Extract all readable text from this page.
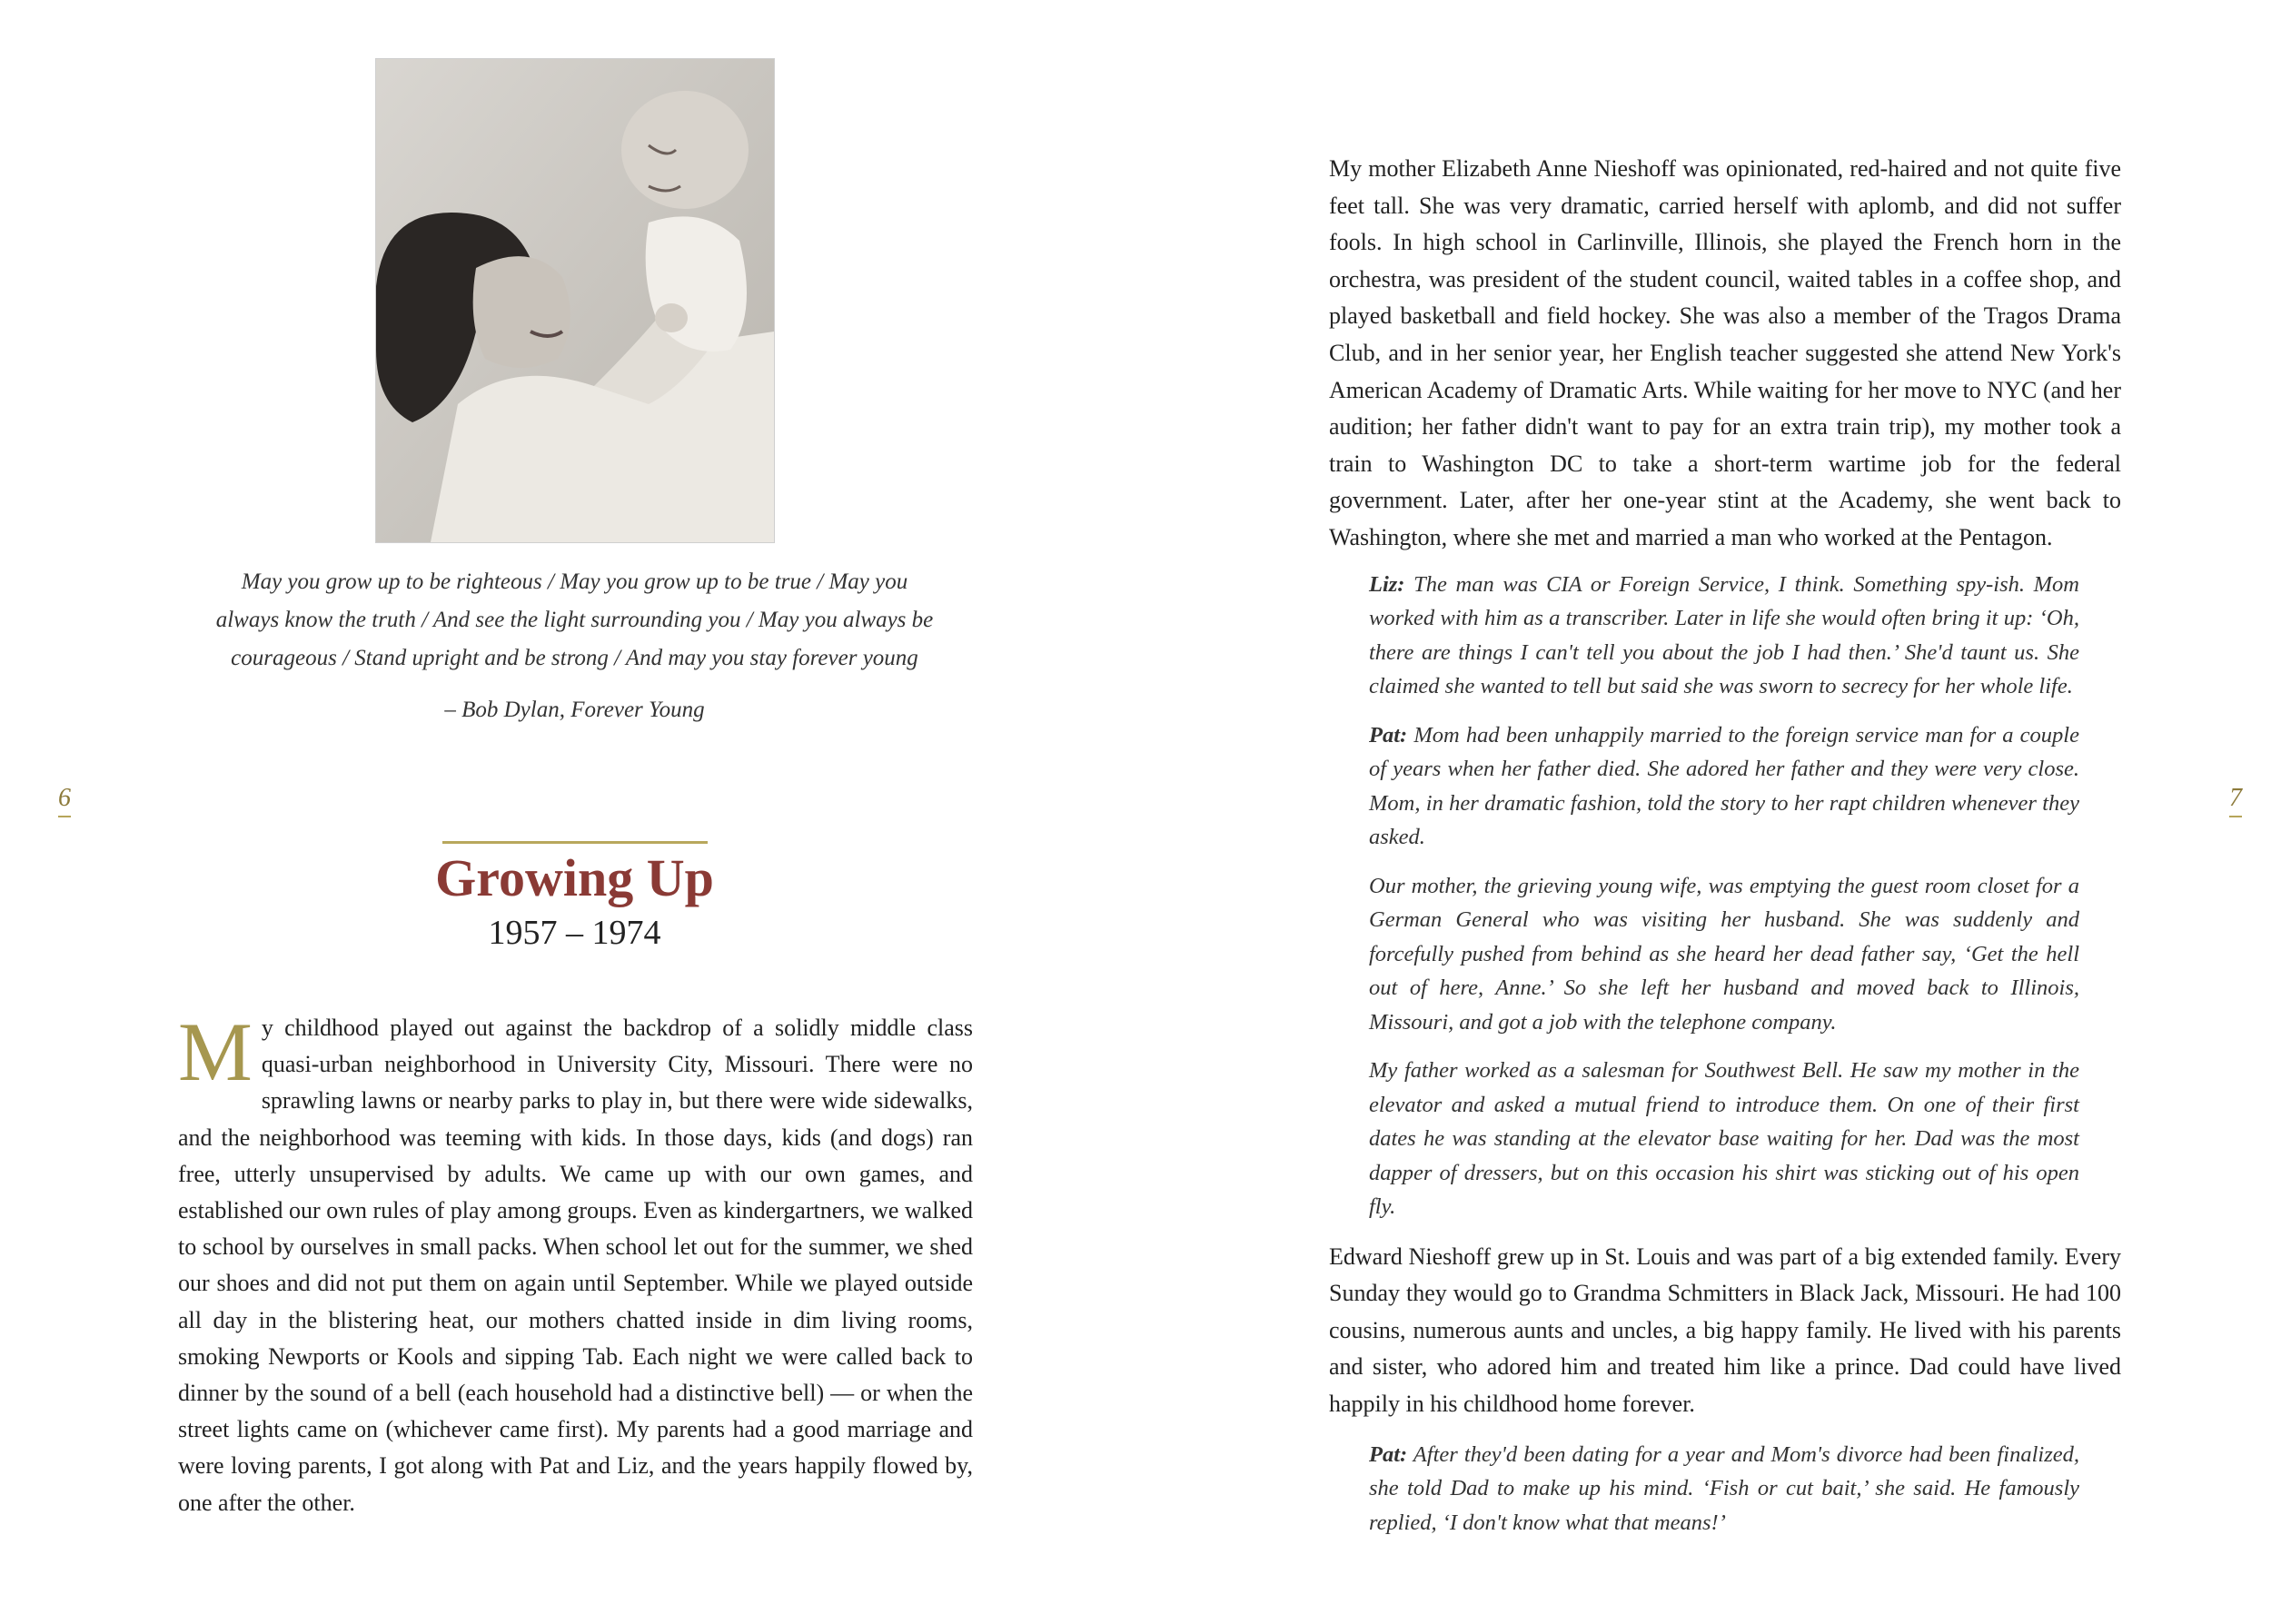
May you grow up to be righteous / May you grow up to be true / May you
always know the truth / And see the light surrounding you / May you always be
courageous / Stand upright and be strong / And may you stay forever young
– Bob Dylan, Forever Young
6
Growing Up
1957 – 1974
My childhood played out against the backdrop of a solidly middle class quasi-urban neighborhood in University City, Missouri. There were no sprawling lawns or nearby parks to play in, but there were wide sidewalks, and the neighborhood was teeming with kids. In those days, kids (and dogs) ran free, utterly unsupervised by adults. We came up with our own games, and established our own rules of play among groups. Even as kindergartners, we walked to school by ourselves in small packs. When school let out for the summer, we shed our shoes and did not put them on again until September. While we played outside all day in the blistering heat, our mothers chatted inside in dim living rooms, smoking Newports or Kools and sipping Tab. Each night we were called back to dinner by the sound of a bell (each household had a distinctive bell) — or when the street lights came on (whichever came first). My parents had a good marriage and were loving parents, I got along with Pat and Liz, and the years happily flowed by, one after the other.
7

My mother Elizabeth Anne Nieshoff was opinionated, red-haired and not quite five feet tall. She was very dramatic, carried herself with aplomb, and did not suffer fools. In high school in Carlinville, Illinois, she played the French horn in the orchestra, was president of the student council, waited tables in a coffee shop, and played basketball and field hockey. She was also a member of the Tragos Drama Club, and in her senior year, her English teacher suggested she attend New York's American Academy of Dramatic Arts. While waiting for her move to NYC (and her audition; her father didn't want to pay for an extra train trip), my mother took a train to Washington DC to take a short-term wartime job for the federal government. Later, after her one-year stint at the Academy, she went back to Washington, where she met and married a man who worked at the Pentagon.

Liz: The man was CIA or Foreign Service, I think. Something spy-ish. Mom worked with him as a transcriber. Later in life she would often bring it up: ‘Oh, there are things I can't tell you about the job I had then.’ She'd taunt us. She claimed she wanted to tell but said she was sworn to secrecy for her whole life.

Pat: Mom had been unhappily married to the foreign service man for a couple of years when her father died. She adored her father and they were very close. Mom, in her dramatic fashion, told the story to her rapt children whenever they asked.

Our mother, the grieving young wife, was emptying the guest room closet for a German General who was visiting her husband. She was suddenly and forcefully pushed from behind as she heard her dead father say, ‘Get the hell out of here, Anne.’ So she left her husband and moved back to Illinois, Missouri, and got a job with the telephone company.

My father worked as a salesman for Southwest Bell. He saw my mother in the elevator and asked a mutual friend to introduce them. On one of their first dates he was standing at the elevator base waiting for her. Dad was the most dapper of dressers, but on this occasion his shirt was sticking out of his open fly.

Edward Nieshoff grew up in St. Louis and was part of a big extended family. Every Sunday they would go to Grandma Schmitters in Black Jack, Missouri. He had 100 cousins, numerous aunts and uncles, a big happy family. He lived with his parents and sister, who adored him and treated him like a prince. Dad could have lived happily in his childhood home forever.

Pat: After they'd been dating for a year and Mom's divorce had been finalized, she told Dad to make up his mind. ‘Fish or cut bait,’ she said. He famously replied, ‘I don't know what that means!’
